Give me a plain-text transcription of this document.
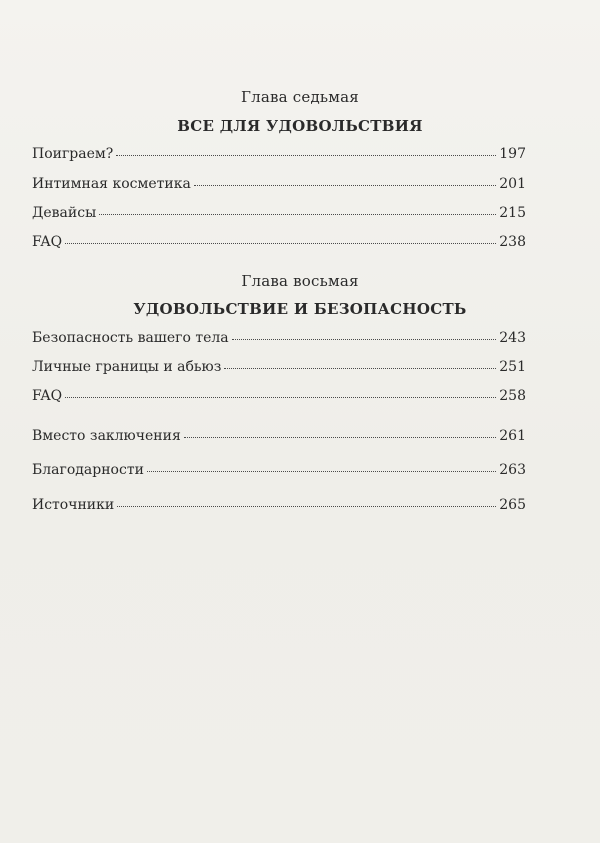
Глава седьмая
ВСЕ ДЛЯ УДОВОЛЬСТВИЯ
Поиграем?	197
Интимная косметика	201
Девайсы	215
FAQ	238
Глава восьмая
УДОВОЛЬСТВИЕ И БЕЗОПАСНОСТЬ
Безопасность вашего тела	243
Личные границы и абьюз	251
FAQ	258
Вместо заключения	261
Благодарности	263
Источники	265
